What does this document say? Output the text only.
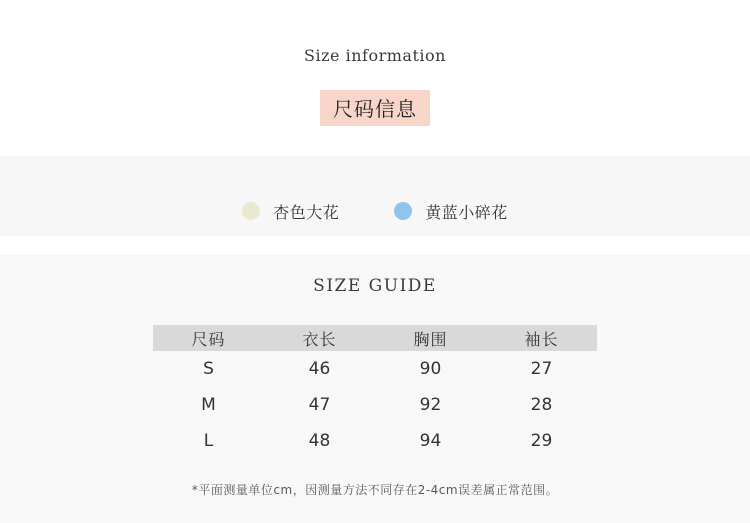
Size information

尺码信息
杏色大花	黄蓝小碎花
SIZE GUIDE
尺码	衣长	胸围	袖长
S	46	90	27
M	47	92	28
L	48	94	29

*平面测量单位cm，因测量方法不同存在2-4cm误差属正常范围。
